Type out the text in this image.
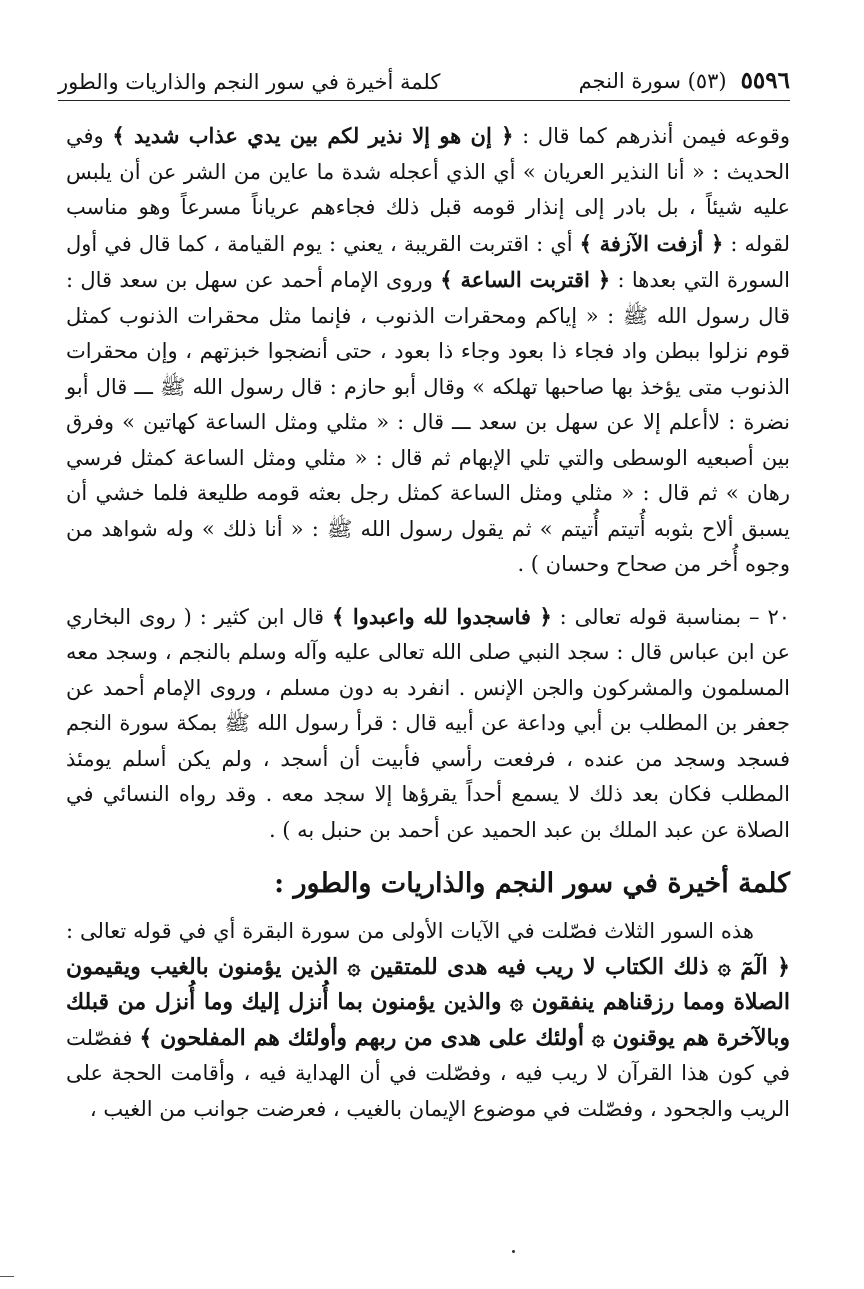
٥٥٩٦
(٥٣) سورة النجم
كلمة أخيرة في سور النجم والذاريات والطور

وقوعه فيمن أنذرهم كما قال : ﴿ إن هو إلا نذير لكم بين يدي عذاب شديد ﴾ وفي الحديث : « أنا النذير العريان » أي الذي أعجله شدة ما عاين من الشر عن أن يلبس عليه شيئاً ، بل بادر إلى إنذار قومه قبل ذلك فجاءهم عرياناً مسرعاً وهو مناسب لقوله : ﴿ أزفت الآزفة ﴾ أي : اقتربت القريبة ، يعني : يوم القيامة ، كما قال في أول السورة التي بعدها : ﴿ اقتربت الساعة ﴾ وروى الإمام أحمد عن سهل بن سعد قال : قال رسول الله ﷺ : « إياكم ومحقرات الذنوب ، فإنما مثل محقرات الذنوب كمثل قوم نزلوا ببطن واد فجاء ذا بعود وجاء ذا بعود ، حتى أنضجوا خبزتهم ، وإن محقرات الذنوب متى يؤخذ بها صاحبها تهلكه » وقال أبو حازم : قال رسول الله ﷺ ـــ قال أبو نضرة : لاأعلم إلا عن سهل بن سعد ـــ قال : « مثلي ومثل الساعة كهاتين » وفرق بين أصبعيه الوسطى والتي تلي الإبهام ثم قال : « مثلي ومثل الساعة كمثل فرسي رهان » ثم قال : « مثلي ومثل الساعة كمثل رجل بعثه قومه طليعة فلما خشي أن يسبق ألاح بثوبه أُتيتم أُتيتم » ثم يقول رسول الله ﷺ : « أنا ذلك » وله شواهد من وجوه أُخر من صحاح وحسان ) .

٢٠ – بمناسبة قوله تعالى : ﴿ فاسجدوا لله واعبدوا ﴾ قال ابن كثير : ( روى البخاري عن ابن عباس قال : سجد النبي صلى الله تعالى عليه وآله وسلم بالنجم ، وسجد معه المسلمون والمشركون والجن الإنس . انفرد به دون مسلم ، وروى الإمام أحمد عن جعفر بن المطلب بن أبي وداعة عن أبيه قال : قرأ رسول الله ﷺ بمكة سورة النجم فسجد وسجد من عنده ، فرفعت رأسي فأبيت أن أسجد ، ولم يكن أسلم يومئذ المطلب فكان بعد ذلك لا يسمع أحداً يقرؤها إلا سجد معه . وقد رواه النسائي في الصلاة عن عبد الملك بن عبد الحميد عن أحمد بن حنبل به ) .

كلمة أخيرة في سور النجم والذاريات والطور :

هذه السور الثلاث فصّلت في الآيات الأولى من سورة البقرة أي في قوله تعالى : ﴿ الٓمٓ ۞ ذلك الكتاب لا ريب فيه هدى للمتقين ۞ الذين يؤمنون بالغيب ويقيمون الصلاة ومما رزقناهم ينفقون ۞ والذين يؤمنون بما أُنزل إليك وما أُنزل من قبلك وبالآخرة هم يوقنون ۞ أولئك على هدى من ربهم وأولئك هم المفلحون ﴾ ففصّلت في كون هذا القرآن لا ريب فيه ، وفصّلت في أن الهداية فيه ، وأقامت الحجة على الريب والجحود ، وفصّلت في موضوع الإيمان بالغيب ، فعرضت جوانب من الغيب ،
